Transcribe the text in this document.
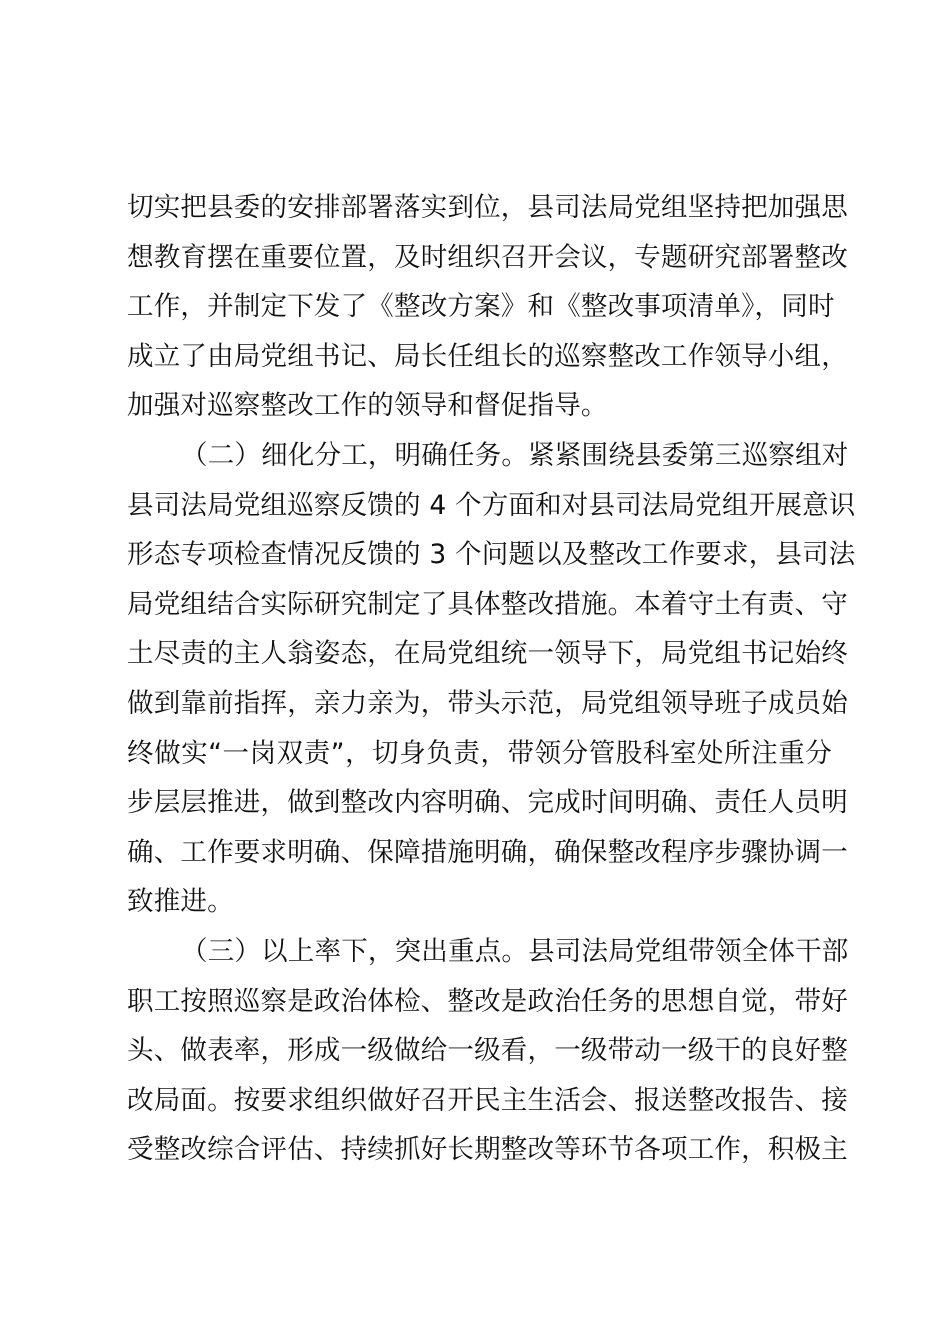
切实把县委的安排部署落实到位，县司法局党组坚持把加强思
想教育摆在重要位置，及时组织召开会议，专题研究部署整改
工作，并制定下发了《整改方案》和《整改事项清单》，同时
成立了由局党组书记、局长任组长的巡察整改工作领导小组，
加强对巡察整改工作的领导和督促指导。
（二）细化分工，明确任务。紧紧围绕县委第三巡察组对
县司法局党组巡察反馈的 4 个方面和对县司法局党组开展意识
形态专项检查情况反馈的 3 个问题以及整改工作要求，县司法
局党组结合实际研究制定了具体整改措施。本着守土有责、守
土尽责的主人翁姿态，在局党组统一领导下，局党组书记始终
做到靠前指挥，亲力亲为，带头示范，局党组领导班子成员始
终做实“一岗双责”，切身负责，带领分管股科室处所注重分
步层层推进，做到整改内容明确、完成时间明确、责任人员明
确、工作要求明确、保障措施明确，确保整改程序步骤协调一
致推进。
（三）以上率下，突出重点。县司法局党组带领全体干部
职工按照巡察是政治体检、整改是政治任务的思想自觉，带好
头、做表率，形成一级做给一级看，一级带动一级干的良好整
改局面。按要求组织做好召开民主生活会、报送整改报告、接
受整改综合评估、持续抓好长期整改等环节各项工作，积极主
